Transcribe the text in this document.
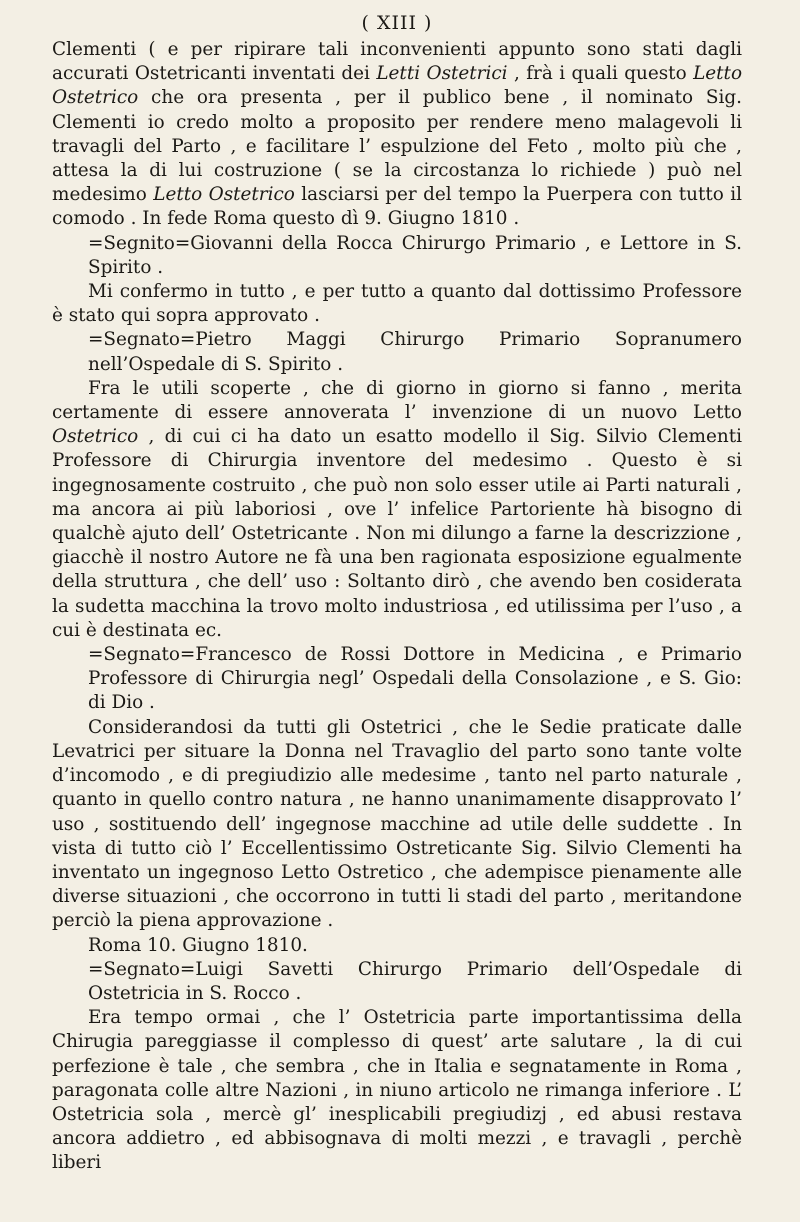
( XIII )

Clementi ( e per ripirare tali inconvenienti appunto sono stati dagli accurati Ostetricanti inventati dei Letti Ostetrici , frà i quali questo Letto Ostetrico che ora presenta , per il publico bene , il nominato Sig. Clementi io credo molto a proposito per rendere meno malagevoli li travagli del Parto , e facilitare l’ espulzione del Feto , molto più che , attesa la di lui costruzione ( se la circostanza lo richiede ) può nel medesimo Letto Ostetrico lasciarsi per del tempo la Puerpera con tutto il comodo . In fede Roma questo dì 9. Giugno 1810 .

=Segnito=Giovanni della Rocca Chirurgo Primario , e Lettore in S. Spirito .

Mi confermo in tutto , e per tutto a quanto dal dottissimo Professore è stato qui sopra approvato .

=Segnato=Pietro Maggi Chirurgo Primario Sopranumero nell’Ospedale di S. Spirito .

Fra le utili scoperte , che di giorno in giorno si fanno , merita certamente di essere annoverata l’ invenzione di un nuovo Letto Ostetrico , di cui ci ha dato un esatto modello il Sig. Silvio Clementi Professore di Chirurgia inventore del medesimo . Questo è si ingegnosamente costruito , che può non solo esser utile ai Parti naturali , ma ancora ai più laboriosi , ove l’ infelice Partoriente hà bisogno di qualchè ajuto dell’ Ostetricante . Non mi dilungo a farne la descrizzione , giacchè il nostro Autore ne fà una ben ragionata esposizione egualmente della struttura , che dell’ uso : Soltanto dirò , che avendo ben cosiderata la sudetta macchina la trovo molto industriosa , ed utilissima per l’uso , a cui è destinata ec.

=Segnato=Francesco de Rossi Dottore in Medicina , e Primario Professore di Chirurgia negl’ Ospedali della Consolazione , e S. Gio: di Dio .

Considerandosi da tutti gli Ostetrici , che le Sedie praticate dalle Levatrici per situare la Donna nel Travaglio del parto sono tante volte d’incomodo , e di pregiudizio alle medesime , tanto nel parto naturale , quanto in quello contro natura , ne hanno unanimamente disapprovato l’ uso , sostituendo dell’ ingegnose macchine ad utile delle suddette . In vista di tutto ciò l’ Eccellentissimo Ostreticante Sig. Silvio Clementi ha inventato un ingegnoso Letto Ostretico , che adempisce pienamente alle diverse situazioni , che occorrono in tutti li stadi del parto , meritandone perciò la piena approvazione .

Roma 10. Giugno 1810.

=Segnato=Luigi Savetti Chirurgo Primario dell’Ospedale di Ostetricia in S. Rocco .

Era tempo ormai , che l’ Ostetricia parte importantissima della Chirugia pareggiasse il complesso di quest’ arte salutare , la di cui perfezione è tale , che sembra , che in Italia e segnatamente in Roma , paragonata colle altre Nazioni , in niuno articolo ne rimanga inferiore . L’ Ostetricia sola , mercè gl’ inesplicabili pregiudizj , ed abusi restava ancora addietro , ed abbisognava di molti mezzi , e travagli , perchè liberi
